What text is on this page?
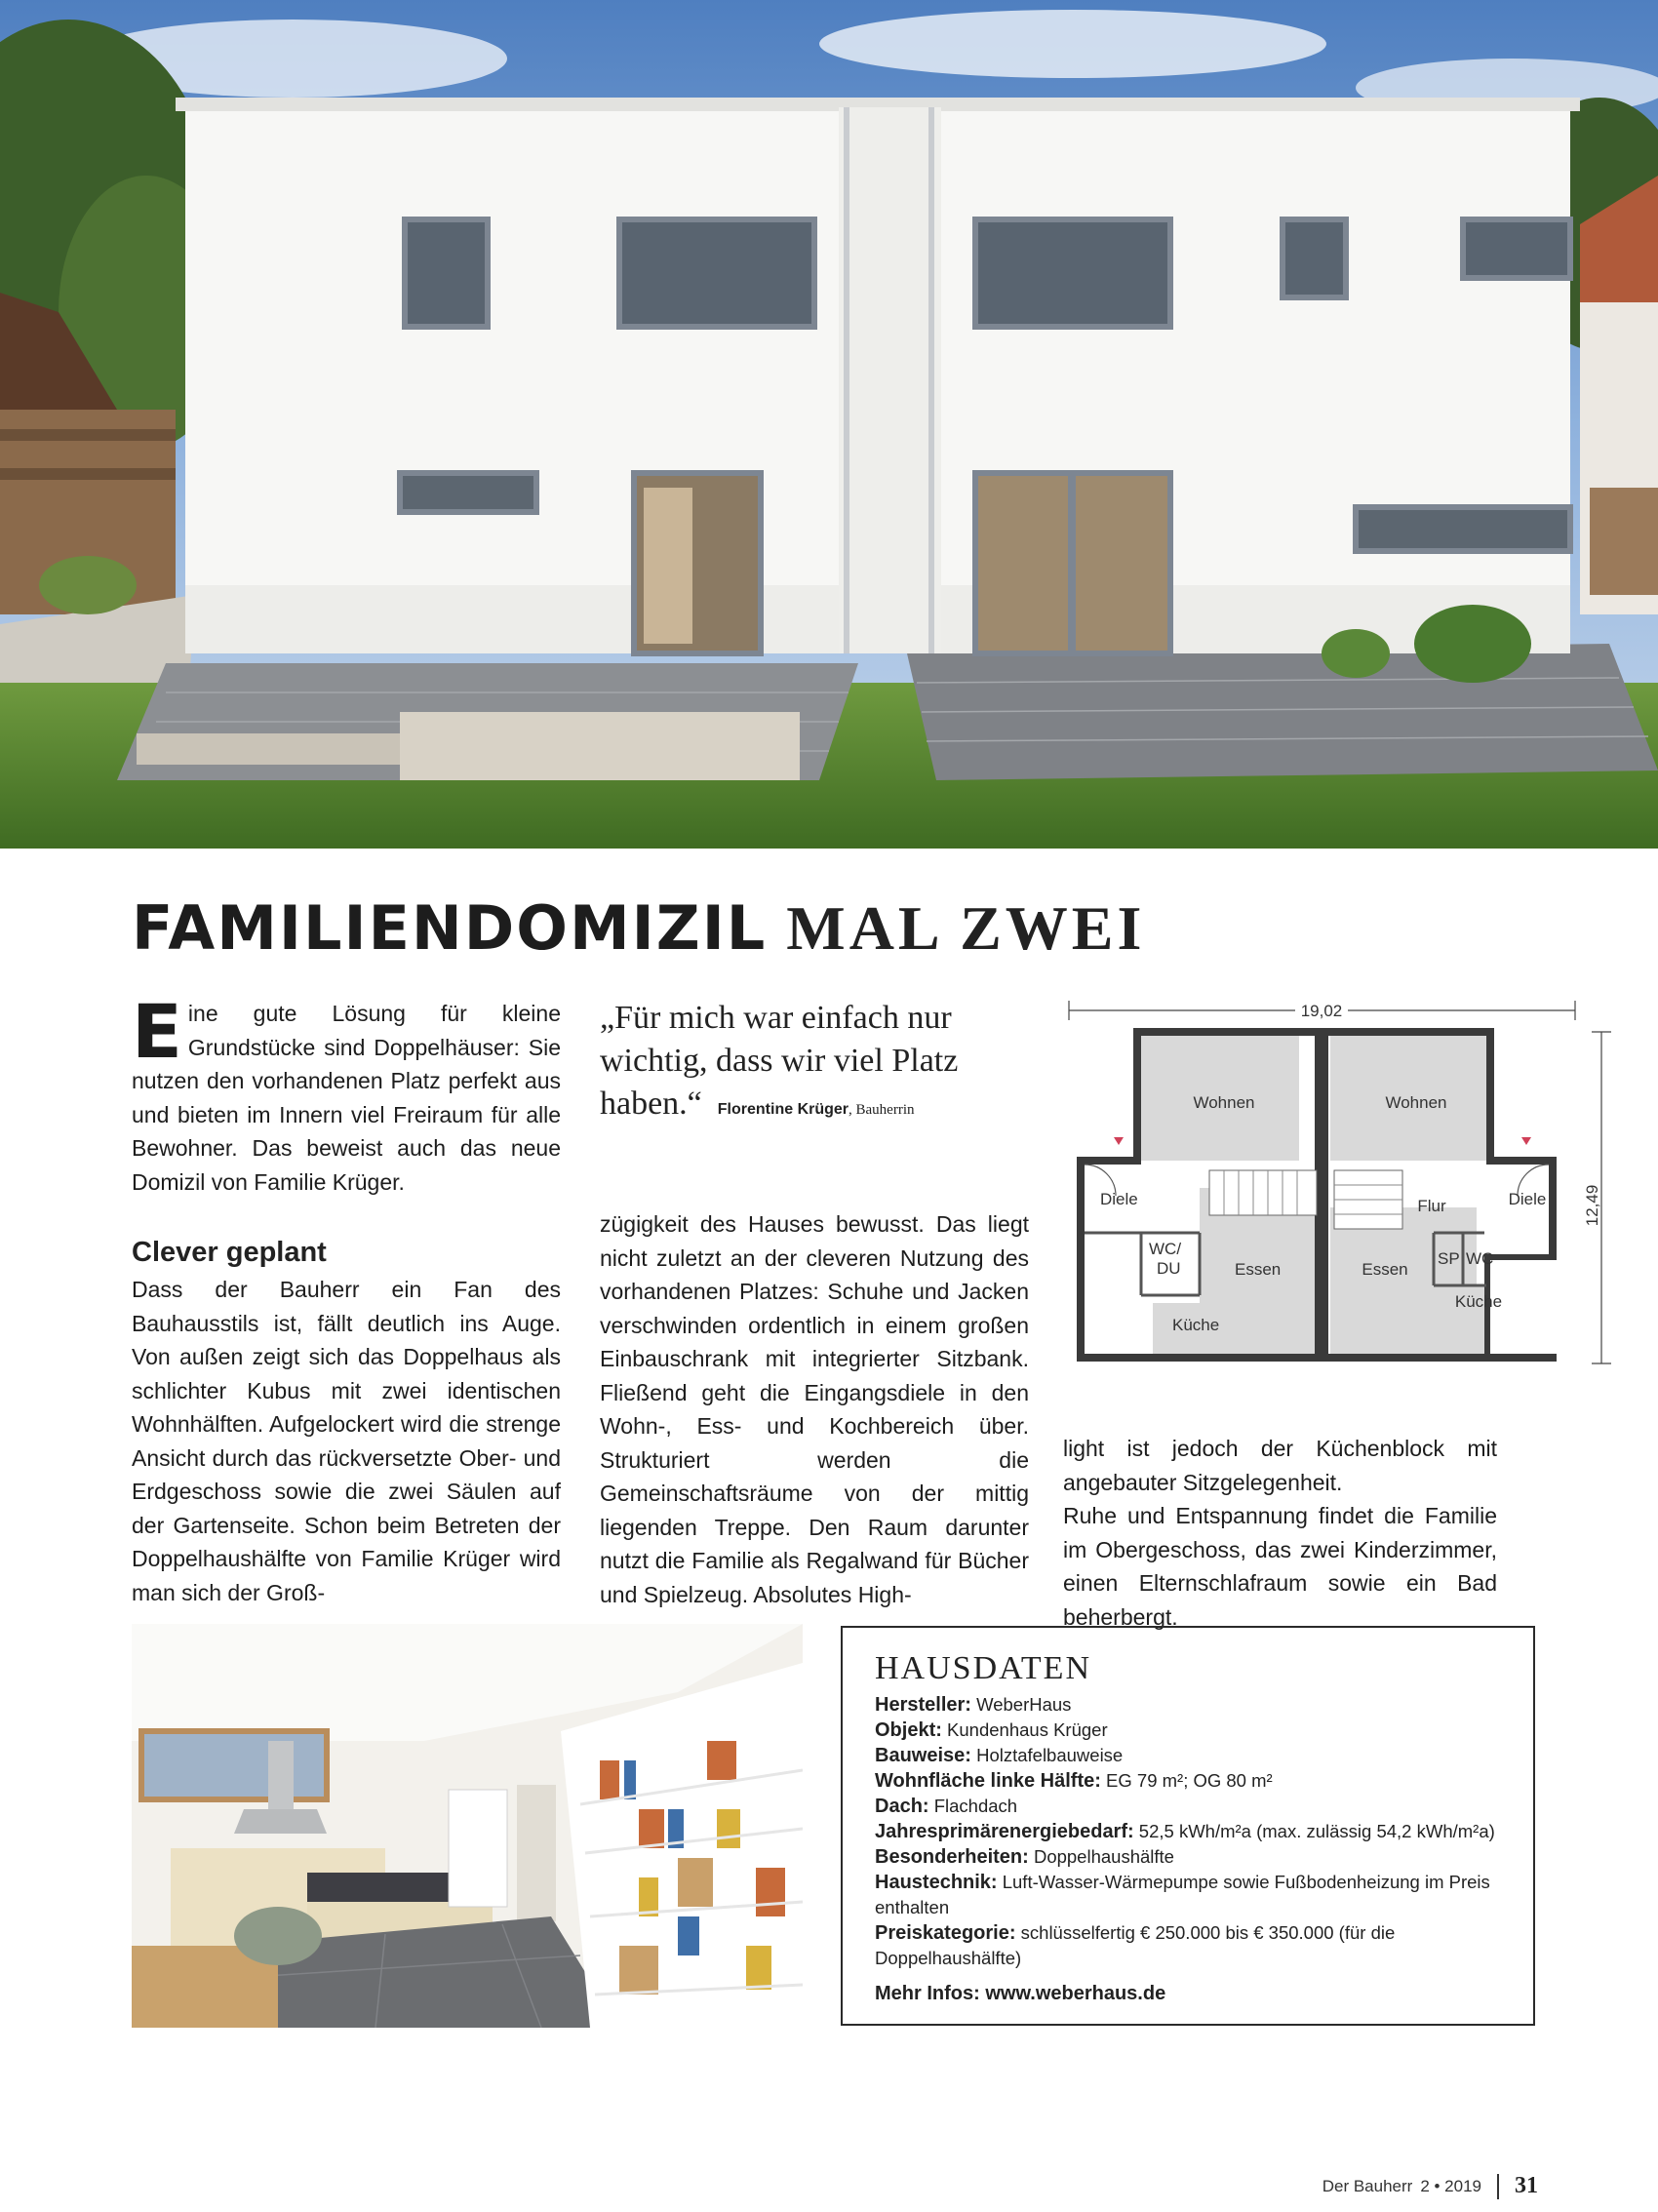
FAMILIENDOMIZIL MAL ZWEI

Eine gute Lösung für kleine Grundstücke sind Doppelhäuser: Sie nutzen den vorhandenen Platz perfekt aus und bieten im Innern viel Freiraum für alle Bewohner. Das beweist auch das neue Domizil von Familie Krüger.

Clever geplant

Dass der Bauherr ein Fan des Bauhausstils ist, fällt deutlich ins Auge. Von außen zeigt sich das Doppelhaus als schlichter Kubus mit zwei identischen Wohnhälften. Aufgelockert wird die strenge Ansicht durch das rückversetzte Ober- und Erdgeschoss sowie die zwei Säulen auf der Gartenseite. Schon beim Betreten der Doppelhaushälfte von Familie Krüger wird man sich der Groß-

„Für mich war einfach nur wichtig, dass wir viel Platz haben.“ Florentine Krüger, Bauherrin

zügigkeit des Hauses bewusst. Das liegt nicht zuletzt an der cleveren Nutzung des vorhandenen Platzes: Schuhe und Jacken verschwinden ordentlich in einem großen Einbauschrank mit integrierter Sitzbank. Fließend geht die Eingangsdiele in den Wohn-, Ess- und Kochbereich über. Strukturiert werden die Gemeinschaftsräume von der mittig liegenden Treppe. Den Raum darunter nutzt die Familie als Regalwand für Bücher und Spielzeug. Absolutes High-

19,02
12,49
Wohnen	Wohnen
Diele	Diele
Flur
WC/
DU	Essen	Essen
Küche
Küche
SP WC

light ist jedoch der Küchenblock mit angebauter Sitzgelegenheit.

Ruhe und Entspannung findet die Familie im Obergeschoss, das zwei Kinderzimmer, einen Elternschlafraum sowie ein Bad beherbergt.

HAUSDATEN
Hersteller: WeberHaus
Objekt: Kundenhaus Krüger
Bauweise: Holztafelbauweise
Wohnfläche linke Hälfte: EG 79 m²; OG 80 m²
Dach: Flachdach
Jahresprimärenergiebedarf: 52,5 kWh/m²a (max. zulässig 54,2 kWh/m²a)
Besonderheiten: Doppelhaushälfte
Haustechnik: Luft-Wasser-Wärmepumpe sowie Fußbodenheizung im Preis enthalten
Preiskategorie: schlüsselfertig € 250.000 bis € 350.000 (für die Doppelhaushälfte)
Mehr Infos: www.weberhaus.de
Der Bauherr 2 • 2019 31
